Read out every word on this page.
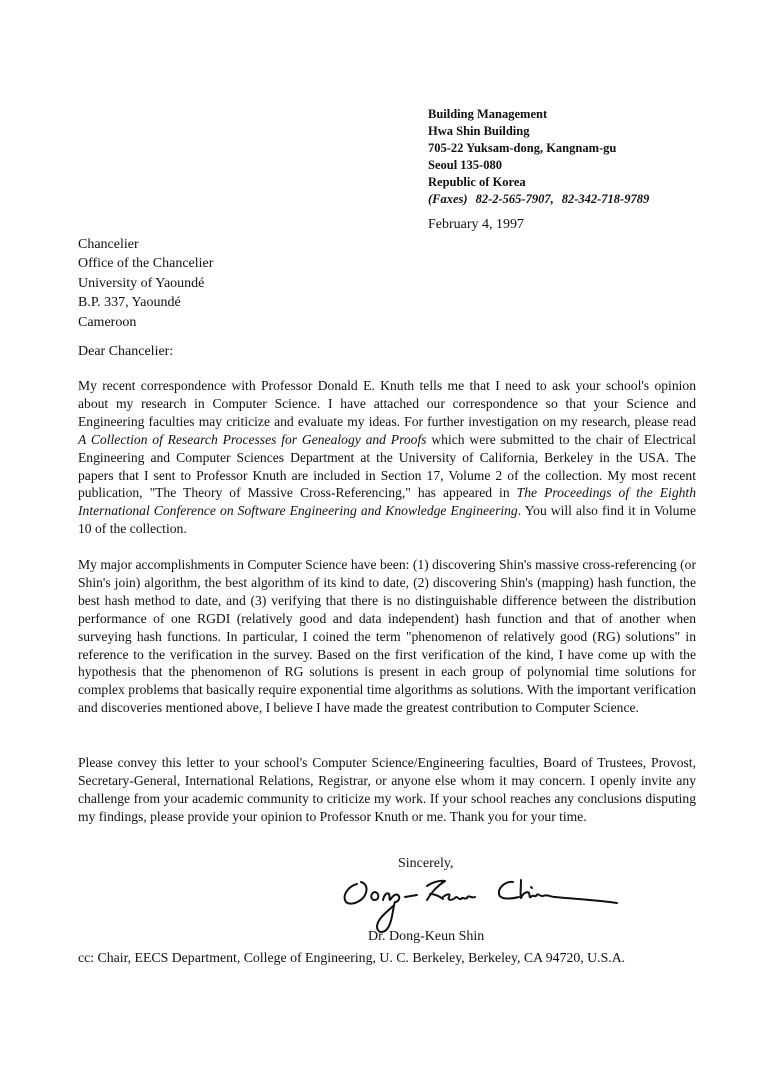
Building Management
Hwa Shin Building
705-22 Yuksam-dong, Kangnam-gu
Seoul 135-080
Republic of Korea
(Faxes) 82-2-565-7907, 82-342-718-9789
February 4, 1997
Chancelier
Office of the Chancelier
University of Yaoundé
B.P. 337, Yaoundé
Cameroon
Dear Chancelier:
My recent correspondence with Professor Donald E. Knuth tells me that I need to ask your school's opinion about my research in Computer Science. I have attached our correspondence so that your Science and Engineering faculties may criticize and evaluate my ideas. For further investigation on my research, please read A Collection of Research Processes for Genealogy and Proofs which were submitted to the chair of Electrical Engineering and Computer Sciences Department at the University of California, Berkeley in the USA. The papers that I sent to Professor Knuth are included in Section 17, Volume 2 of the collection. My most recent publication, "The Theory of Massive Cross-Referencing," has appeared in The Proceedings of the Eighth International Conference on Software Engineering and Knowledge Engineering. You will also find it in Volume 10 of the collection.
My major accomplishments in Computer Science have been: (1) discovering Shin's massive cross-referencing (or Shin's join) algorithm, the best algorithm of its kind to date, (2) discovering Shin's (mapping) hash function, the best hash method to date, and (3) verifying that there is no distinguishable difference between the distribution performance of one RGDI (relatively good and data independent) hash function and that of another when surveying hash functions. In particular, I coined the term "phenomenon of relatively good (RG) solutions" in reference to the verification in the survey. Based on the first verification of the kind, I have come up with the hypothesis that the phenomenon of RG solutions is present in each group of polynomial time solutions for complex problems that basically require exponential time algorithms as solutions. With the important verification and discoveries mentioned above, I believe I have made the greatest contribution to Computer Science.
Please convey this letter to your school's Computer Science/Engineering faculties, Board of Trustees, Provost, Secretary-General, International Relations, Registrar, or anyone else whom it may concern. I openly invite any challenge from your academic community to criticize my work. If your school reaches any conclusions disputing my findings, please provide your opinion to Professor Knuth or me. Thank you for your time.
Sincerely,
Dr. Dong-Keun Shin
cc: Chair, EECS Department, College of Engineering, U. C. Berkeley, Berkeley, CA 94720, U.S.A.
